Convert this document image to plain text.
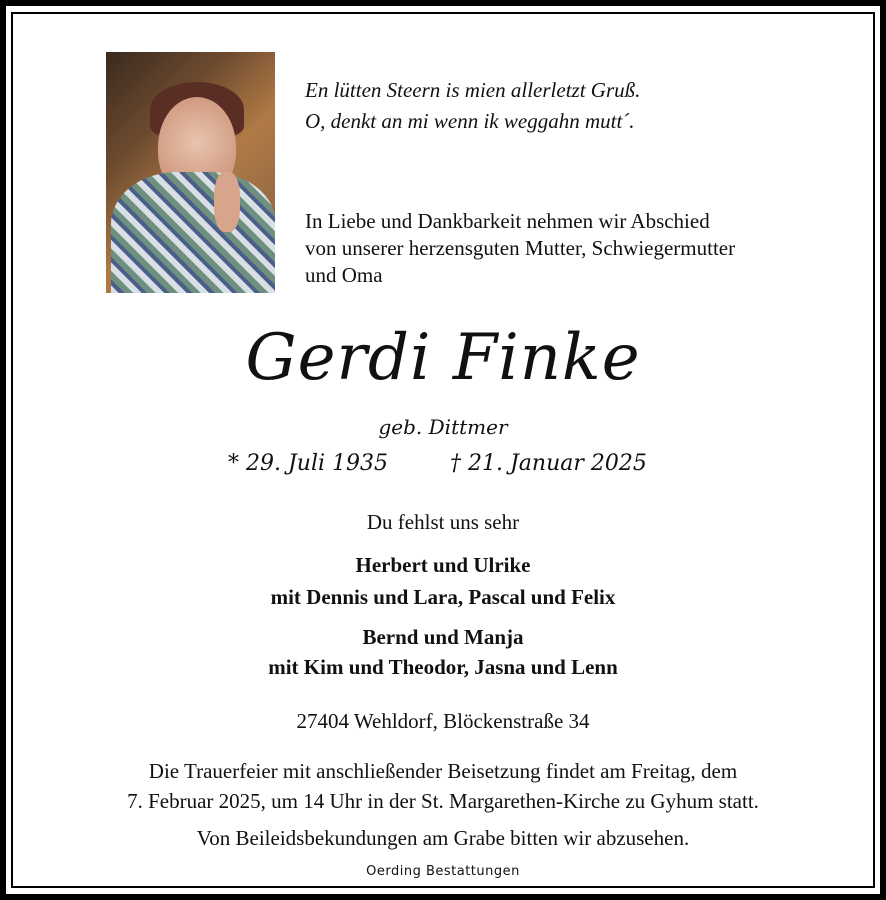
En lütten Steern is mien allerletzt Gruß.
O, denkt an mi wenn ik weggahn mutt´.
In Liebe und Dankbarkeit nehmen wir Abschied
von unserer herzensguten Mutter, Schwiegermutter
und Oma
Gerdi Finke
geb. Dittmer
* 29. Juli 1935	† 21. Januar 2025
Du fehlst uns sehr
Herbert und Ulrike
mit Dennis und Lara, Pascal und Felix
Bernd und Manja
mit Kim und Theodor, Jasna und Lenn
27404 Wehldorf, Blöckenstraße 34
Die Trauerfeier mit anschließender Beisetzung findet am Freitag, dem
7. Februar 2025, um 14 Uhr in der St. Margarethen-Kirche zu Gyhum statt.
Von Beileidsbekundungen am Grabe bitten wir abzusehen.
Oerding Bestattungen
